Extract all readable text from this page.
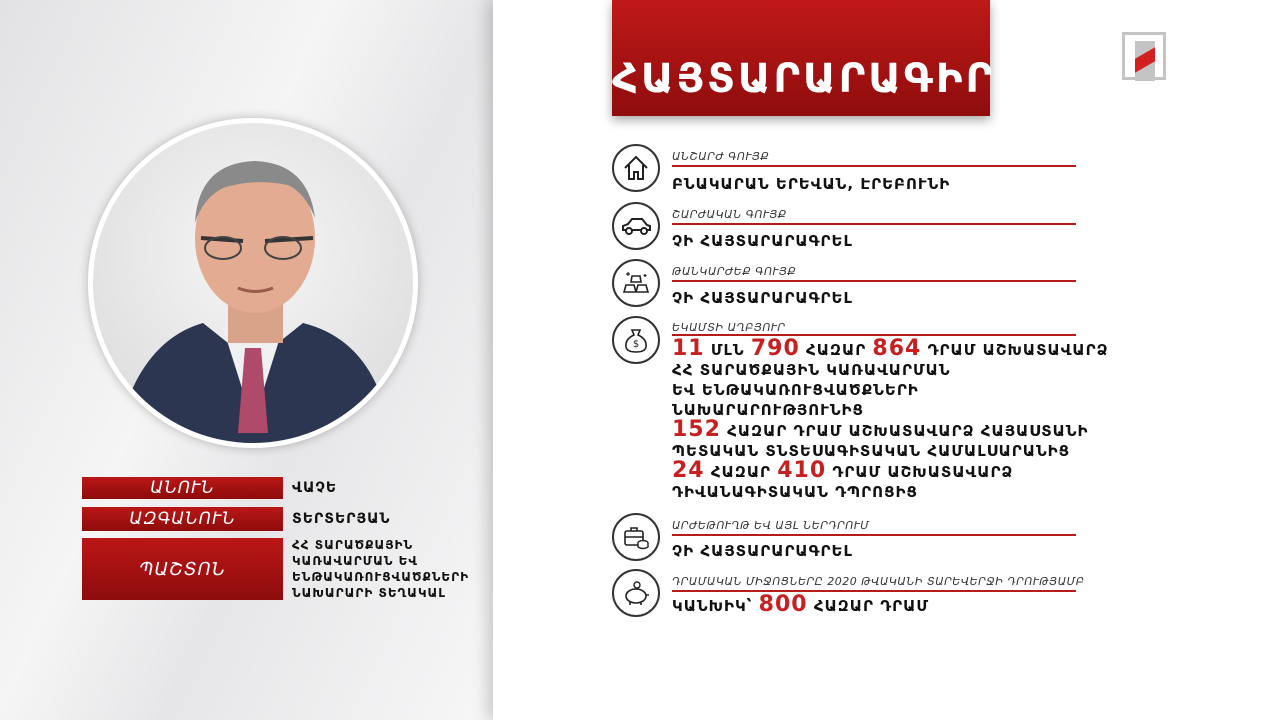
ԱՆՈՒՆ	ՎԱՉԵ
ԱԶԳԱՆՈՒՆ	ՏԵՐՏԵՐՅԱՆ
ՊԱՇՏՈՆ
ՀՀ ՏԱՐԱԾՔԱՅԻՆ
ԿԱՌԱՎԱՐՄԱՆ ԵՎ
ԵՆԹԱԿԱՌՈՒՑՎԱԾՔՆԵՐԻ
ՆԱԽԱՐԱՐԻ ՏԵՂԱԿԱԼ
ՀԱՅՏԱՐԱՐԱԳԻՐ
ԱՆՇԱՐԺ ԳՈՒՅՔ
ԲՆԱԿԱՐԱՆ ԵՐԵՎԱՆ, ԷՐԵԲՈՒՆԻ
ՇԱՐԺԱԿԱՆ ԳՈՒՅՔ
ՉԻ ՀԱՅՏԱՐԱՐԱԳՐԵԼ
ԹԱՆԿԱՐԺԵՔ ԳՈՒՅՔ
ՉԻ ՀԱՅՏԱՐԱՐԱԳՐԵԼ
$
ԵԿԱՄՏԻ ԱՂԲՅՈՒՐ
11 ՄԼՆ 790 ՀԱԶԱՐ 864 ԴՐԱՄ ԱՇԽԱՏԱՎԱՐՁ
ՀՀ ՏԱՐԱԾՔԱՅԻՆ ԿԱՌԱՎԱՐՄԱՆ
ԵՎ ԵՆԹԱԿԱՌՈՒՑՎԱԾՔՆԵՐԻ
ՆԱԽԱՐԱՐՈՒԹՅՈՒՆԻՑ
152 ՀԱԶԱՐ ԴՐԱՄ ԱՇԽԱՏԱՎԱՐՁ ՀԱՅԱՍՏԱՆԻ
ՊԵՏԱԿԱՆ ՏՆՏԵՍԱԳԻՏԱԿԱՆ ՀԱՄԱԼՍԱՐԱՆԻՑ
24 ՀԱԶԱՐ 410 ԴՐԱՄ ԱՇԽԱՏԱՎԱՐՁ
ԴԻՎԱՆԱԳԻՏԱԿԱՆ ԴՊՐՈՑԻՑ
ԱՐԺԵԹՈՒՂԹ ԵՎ ԱՅԼ ՆԵՐԴՐՈՒՄ
ՉԻ ՀԱՅՏԱՐԱՐԱԳՐԵԼ
ԴՐԱՄԱԿԱՆ ՄԻՋՈՑՆԵՐԸ 2020 ԹՎԱԿԱՆԻ ՏԱՐԵՎԵՐՋԻ ԴՐՈՒԹՅԱՄԲ
ԿԱՆԽԻԿ՝ 800 ՀԱԶԱՐ ԴՐԱՄ
